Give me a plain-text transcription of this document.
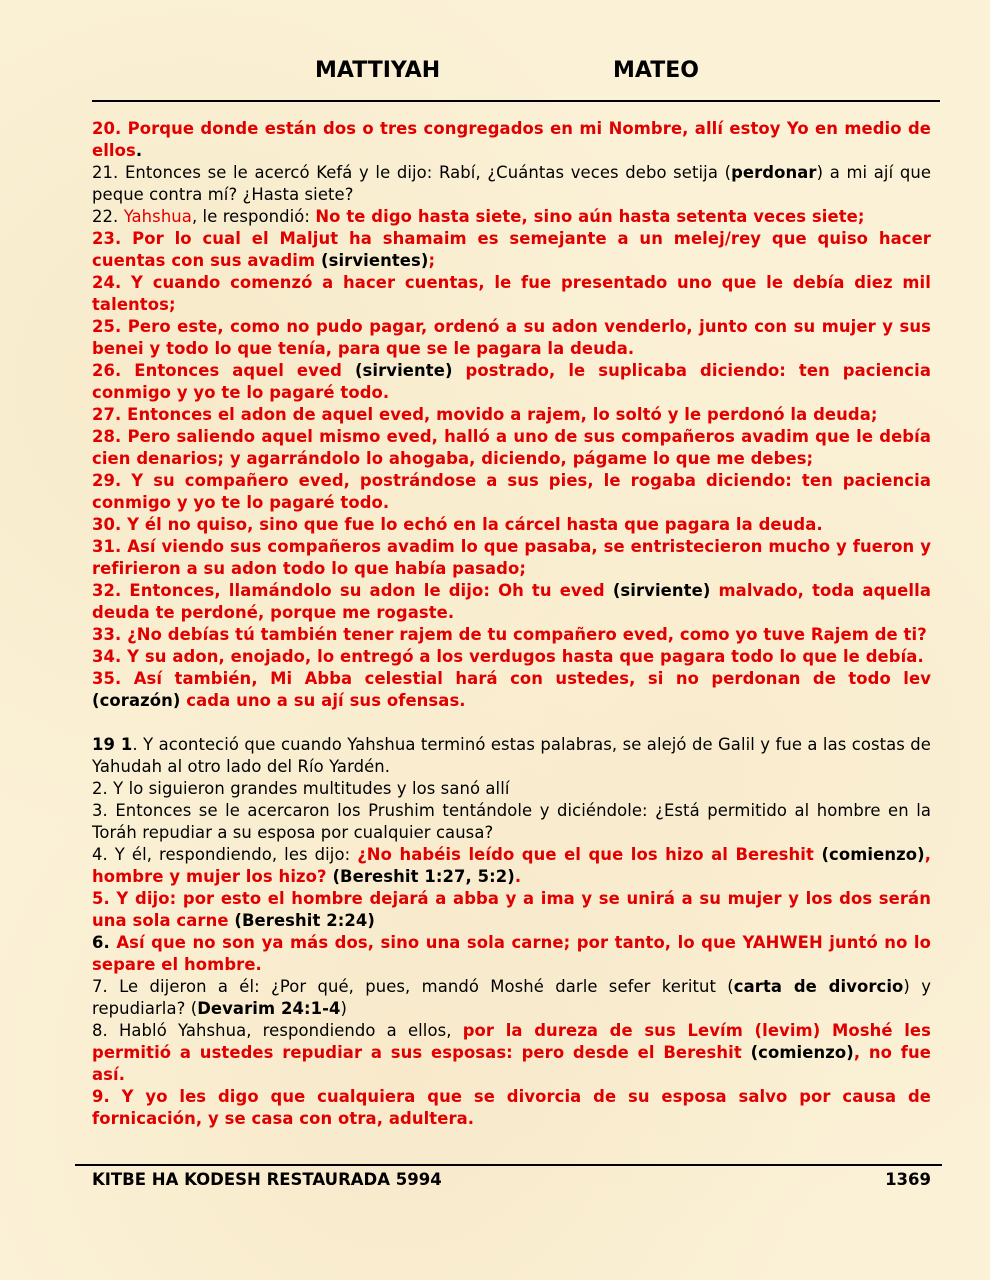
MATTIYAH	MATEO

20. Porque donde están dos o tres congregados en mi Nombre, allí estoy Yo en medio de ellos.

21. Entonces se le acercó Kefá y le dijo: Rabí, ¿Cuántas veces debo setija (perdonar) a mi ají que peque contra mí? ¿Hasta siete?

22. Yahshua, le respondió: No te digo hasta siete, sino aún hasta setenta veces siete;

23. Por lo cual el Maljut ha shamaim es semejante a un melej/rey que quiso hacer cuentas con sus avadim (sirvientes);

24. Y cuando comenzó a hacer cuentas, le fue presentado uno que le debía diez mil talentos;

25. Pero este, como no pudo pagar, ordenó a su adon venderlo, junto con su mujer y sus benei y todo lo que tenía, para que se le pagara la deuda.

26. Entonces aquel eved (sirviente) postrado, le suplicaba diciendo: ten paciencia conmigo y yo te lo pagaré todo.

27. Entonces el adon de aquel eved, movido a rajem, lo soltó y le perdonó la deuda;

28. Pero saliendo aquel mismo eved, halló a uno de sus compañeros avadim que le debía cien denarios; y agarrándolo lo ahogaba, diciendo, págame lo que me debes;

29. Y su compañero eved, postrándose a sus pies, le rogaba diciendo: ten paciencia conmigo y yo te lo pagaré todo.

30. Y él no quiso, sino que fue lo echó en la cárcel hasta que pagara la deuda.

31. Así viendo sus compañeros avadim lo que pasaba, se entristecieron mucho y fueron y refirieron a su adon todo lo que había pasado;

32. Entonces, llamándolo su adon le dijo: Oh tu eved (sirviente) malvado, toda aquella deuda te perdoné, porque me rogaste.

33. ¿No debías tú también tener rajem de tu compañero eved, como yo tuve Rajem de ti?

34. Y su adon, enojado, lo entregó a los verdugos hasta que pagara todo lo que le debía.

35. Así también, Mi Abba celestial hará con ustedes, si no perdonan de todo lev (corazón) cada uno a su ají sus ofensas.

19 1. Y aconteció que cuando Yahshua terminó estas palabras, se alejó de Galil y fue a las costas de Yahudah al otro lado del Río Yardén.

2. Y lo siguieron grandes multitudes y los sanó allí

3. Entonces se le acercaron los Prushim tentándole y diciéndole: ¿Está permitido al hombre en la Toráh repudiar a su esposa por cualquier causa?

4. Y él, respondiendo, les dijo: ¿No habéis leído que el que los hizo al Bereshit (comienzo), hombre y mujer los hizo? (Bereshit 1:27, 5:2).

5. Y dijo: por esto el hombre dejará a abba y a ima y se unirá a su mujer y los dos serán una sola carne (Bereshit 2:24)

6. Así que no son ya más dos, sino una sola carne; por tanto, lo que YAHWEH juntó no lo separe el hombre.

7. Le dijeron a él: ¿Por qué, pues, mandó Moshé darle sefer keritut (carta de divorcio) y repudiarla? (Devarim 24:1-4)

8. Habló Yahshua, respondiendo a ellos, por la dureza de sus Levím (levim) Moshé les permitió a ustedes repudiar a sus esposas: pero desde el Bereshit (comienzo), no fue así.

9. Y yo les digo que cualquiera que se divorcia de su esposa salvo por causa de fornicación, y se casa con otra, adultera.

KITBE HA KODESH RESTAURADA 5994	1369
